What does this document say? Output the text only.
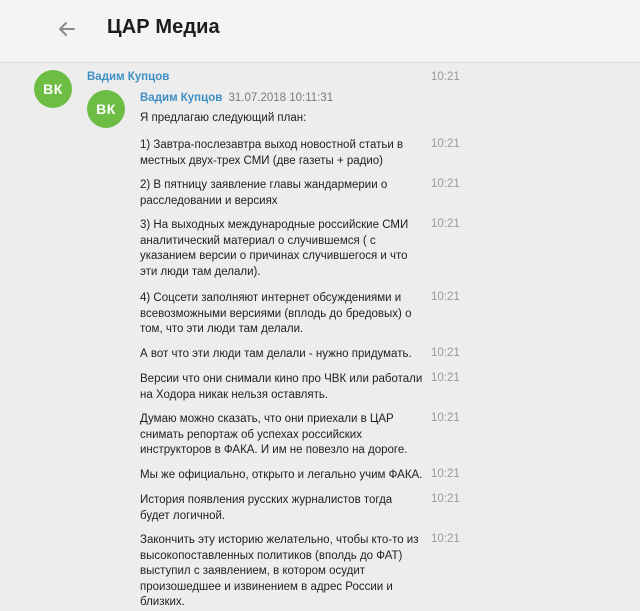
ЦАР Медиа
ВК
Вадим Купцов	10:21
ВК
Вадим Купцов 31.07.2018 10:11:31
Я предлагаю следующий план:

1) Завтра-послезавтра выход новостной статьи в местных двух-трех СМИ (две газеты + радио)

10:21

2) В пятницу заявление главы жандармерии о расследовании и версиях

10:21

3) На выходных международные российские СМИ аналитический материал о случившемся ( с указанием версии о причинах случившегося и что эти люди там делали).

10:21

4) Соцсети заполняют интернет обсуждениями и всевозможными версиями (вплодь до бредовых) о том, что эти люди там делали.

10:21

А вот что эти люди там делали - нужно придумать.	10:21

Версии что они снимали кино про ЧВК или работали на Ходора никак нельзя оставлять.

10:21

Думаю можно сказать, что они приехали в ЦАР снимать репортаж об успехах российских инструкторов в ФАКА. И им не повезло на дороге.

10:21

Мы же официально, открыто и легально учим ФАКА. 10:21

История появления русских журналистов тогда будет логичной.

10:21

Закончить эту историю желательно, чтобы кто-то из высокопоставленных политиков (вполдь до ФАТ) выступил с заявлением, в котором осудит произошедшее и извинением в адрес России и близких.

10:21
